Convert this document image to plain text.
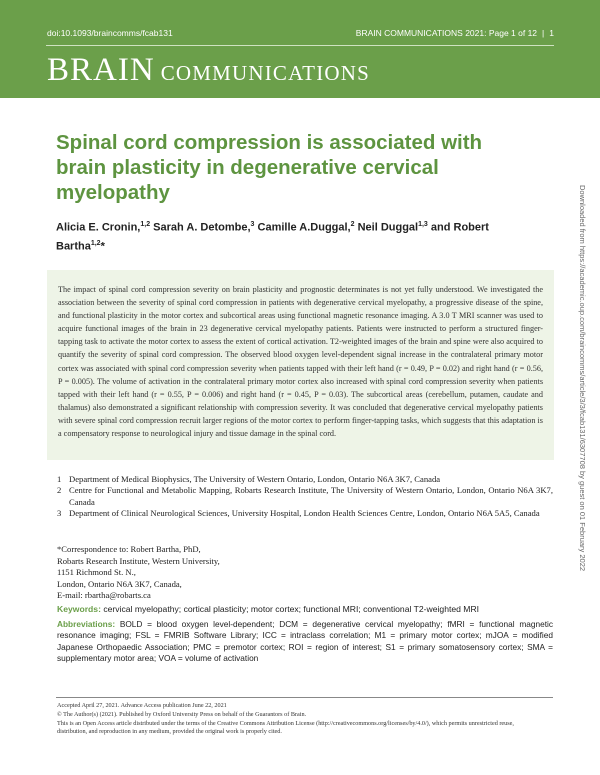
doi:10.1093/braincomms/fcab131	BRAIN COMMUNICATIONS 2021: Page 1 of 12 | 1
BRAIN COMMUNICATIONS
Downloaded from https://academic.oup.com/braincomms/article/3/3/fcab131/6307708 by guest on 01 February 2022
Spinal cord compression is associated with brain plasticity in degenerative cervical myelopathy
Alicia E. Cronin,$^{1,2}$ Sarah A. Detombe,$^3$ Camille A.Duggal,$^2$ Neil Duggal$^{1,3}$ and Robert Bartha$^{1,2}$*
The impact of spinal cord compression severity on brain plasticity and prognostic determinates is not yet fully understood. We investigated the association between the severity of spinal cord compression in patients with degenerative cervical myelopathy, a progressive disease of the spine, and functional plasticity in the motor cortex and subcortical areas using functional magnetic resonance imaging. A 3.0 T MRI scanner was used to acquire functional images of the brain in 23 degenerative cervical myelopathy patients. Patients were instructed to perform a structured finger-tapping task to activate the motor cortex to assess the extent of cortical activation. T2-weighted images of the brain and spine were also acquired to quantify the severity of spinal cord compression. The observed blood oxygen level-dependent signal increase in the contralateral primary motor cortex was associated with spinal cord compression severity when patients tapped with their left hand (r = 0.49, P = 0.02) and right hand (r = 0.56, P = 0.005). The volume of activation in the contralateral primary motor cortex also increased with spinal cord compression severity when patients tapped with their left hand (r = 0.55, P = 0.006) and right hand (r = 0.45, P = 0.03). The subcortical areas (cerebellum, putamen, caudate and thalamus) also demonstrated a significant relationship with compression severity. It was concluded that degenerative cervical myelopathy patients with severe spinal cord compression recruit larger regions of the motor cortex to perform finger-tapping tasks, which suggests that this adaptation is a compensatory response to neurological injury and tissue damage in the spinal cord.
1 Department of Medical Biophysics, The University of Western Ontario, London, Ontario N6A 3K7, Canada
2 Centre for Functional and Metabolic Mapping, Robarts Research Institute, The University of Western Ontario, London, Ontario N6A 3K7, Canada
3 Department of Clinical Neurological Sciences, University Hospital, London Health Sciences Centre, London, Ontario N6A 5A5, Canada
*Correspondence to: Robert Bartha, PhD,
Robarts Research Institute, Western University,
1151 Richmond St. N.,
London, Ontario N6A 3K7, Canada,
E-mail: rbartha@robarts.ca
Keywords: cervical myelopathy; cortical plasticity; motor cortex; functional MRI; conventional T2-weighted MRI
Abbreviations: BOLD = blood oxygen level-dependent; DCM = degenerative cervical myelopathy; fMRI = functional magnetic resonance imaging; FSL = FMRIB Software Library; ICC = intraclass correlation; M1 = primary motor cortex; mJOA = modified Japanese Orthopaedic Association; PMC = premotor cortex; ROI = region of interest; S1 = primary somatosensory cortex; SMA = supplementary motor area; VOA = volume of activation
Accepted April 27, 2021. Advance Access publication June 22, 2021
© The Author(s) (2021). Published by Oxford University Press on behalf of the Guarantors of Brain.
This is an Open Access article distributed under the terms of the Creative Commons Attribution License (http://creativecommons.org/licenses/by/4.0/), which permits unrestricted reuse,
distribution, and reproduction in any medium, provided the original work is properly cited.
